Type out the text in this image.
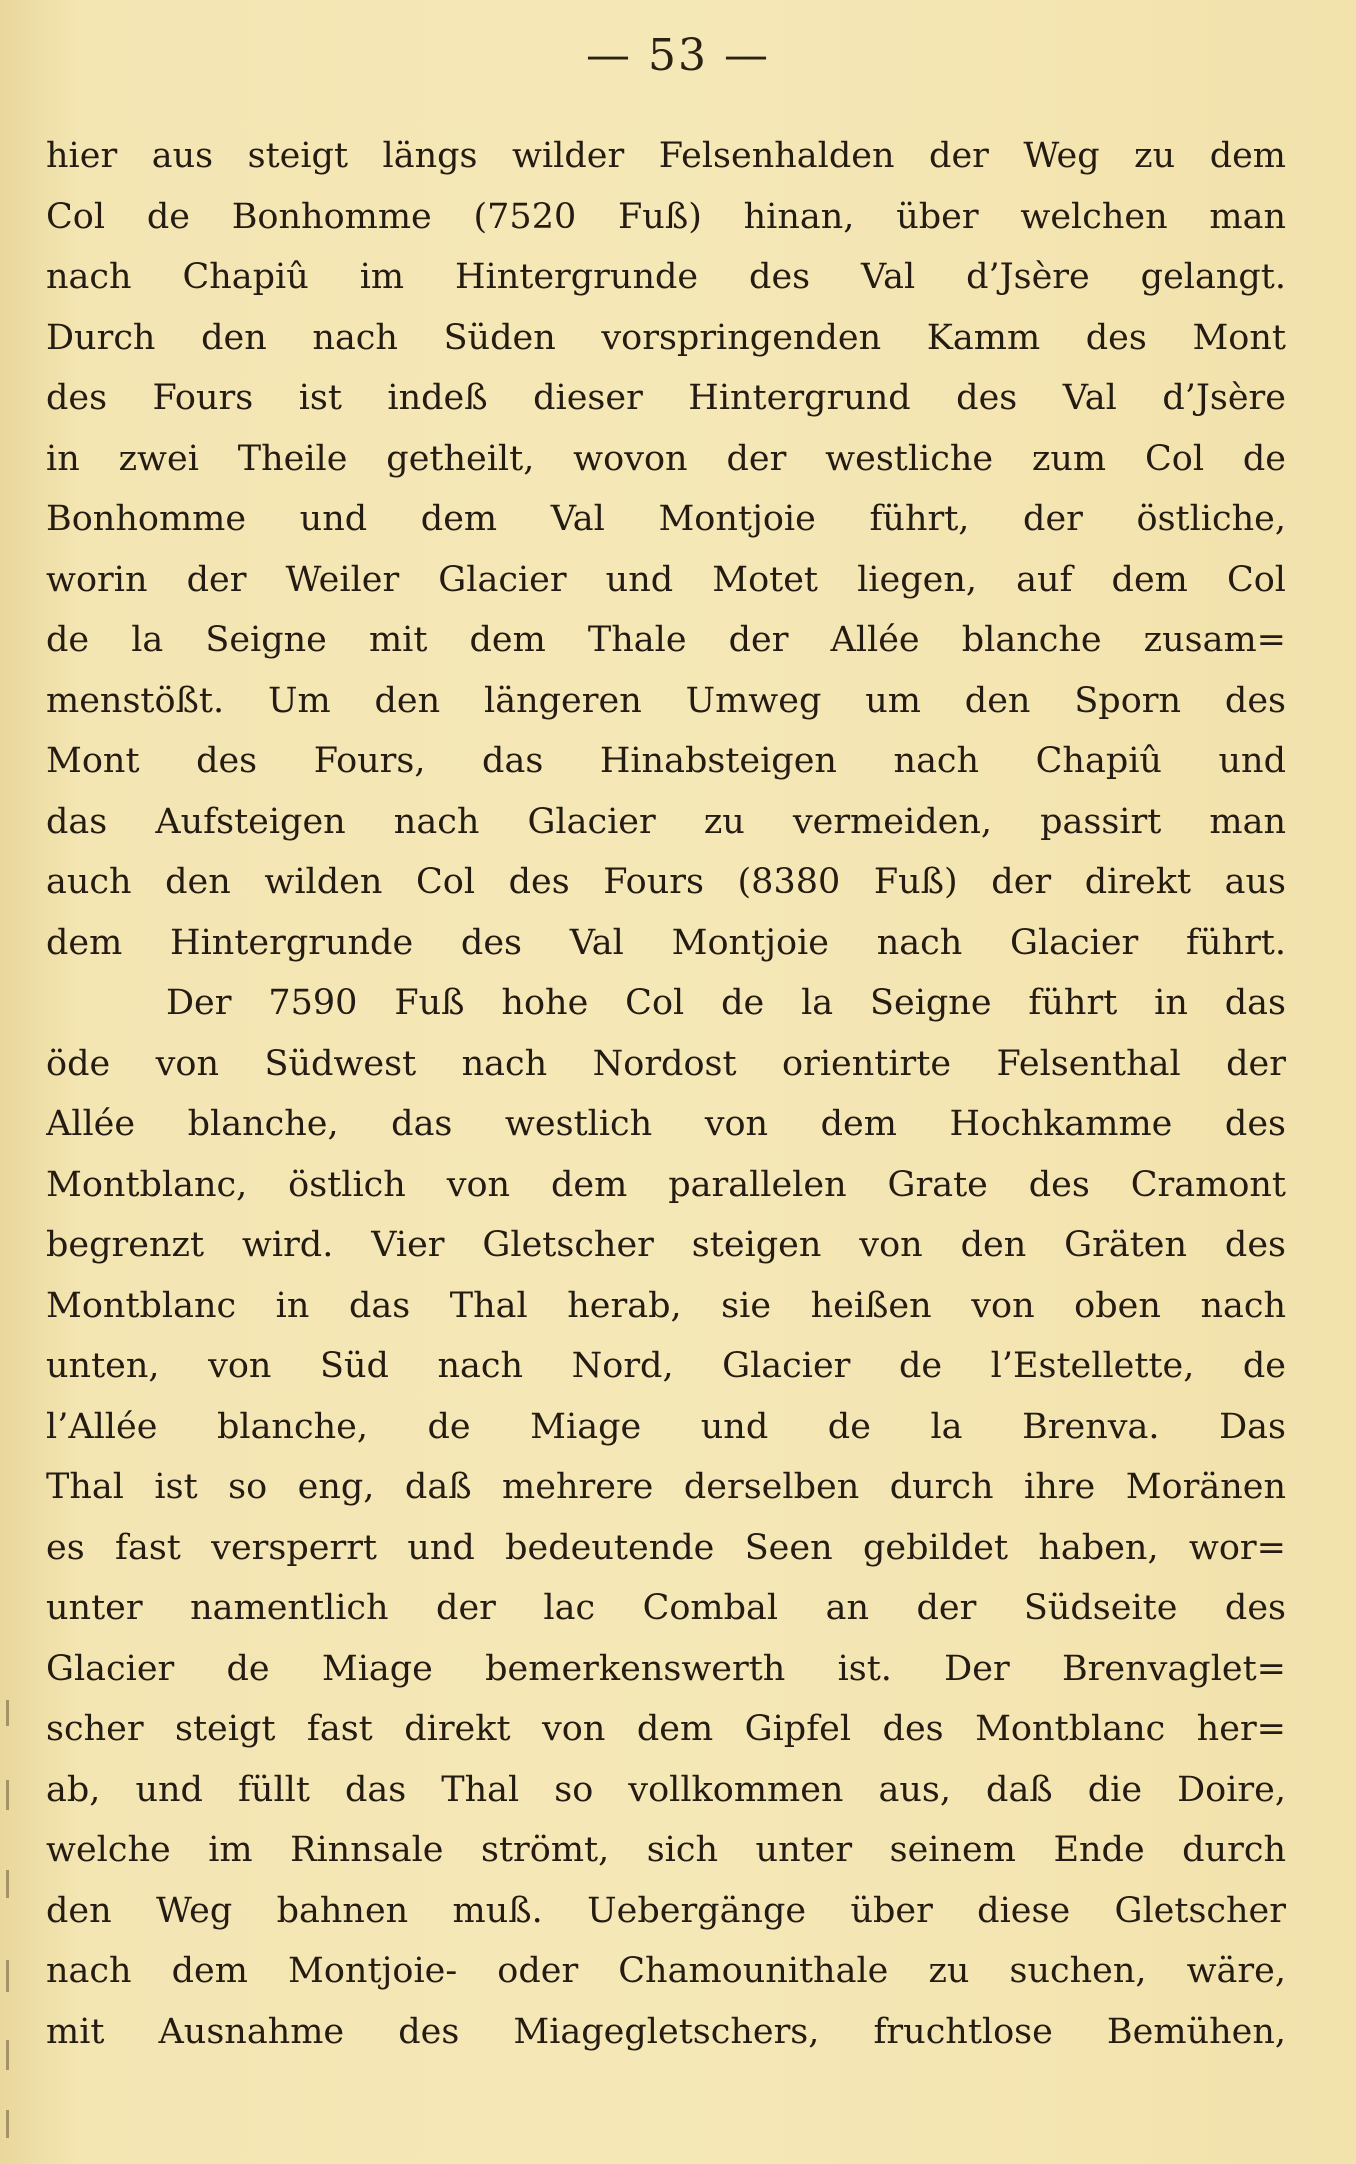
— 53 —
hier aus steigt längs wilder Felsenhalden der Weg zu dem
Col de Bonhomme (7520 Fuß) hinan, über welchen man
nach Chapiû im Hintergrunde des Val d’Jsère gelangt.
Durch den nach Süden vorspringenden Kamm des Mont
des Fours ist indeß dieser Hintergrund des Val d’Jsère
in zwei Theile getheilt, wovon der westliche zum Col de
Bonhomme und dem Val Montjoie führt, der östliche,
worin der Weiler Glacier und Motet liegen, auf dem Col
de la Seigne mit dem Thale der Allée blanche zusam=
menstößt. Um den längeren Umweg um den Sporn des
Mont des Fours, das Hinabsteigen nach Chapiû und
das Aufsteigen nach Glacier zu vermeiden, passirt man
auch den wilden Col des Fours (8380 Fuß) der direkt aus
dem Hintergrunde des Val Montjoie nach Glacier führt.
Der 7590 Fuß hohe Col de la Seigne führt in das
öde von Südwest nach Nordost orientirte Felsenthal der
Allée blanche, das westlich von dem Hochkamme des
Montblanc, östlich von dem parallelen Grate des Cramont
begrenzt wird. Vier Gletscher steigen von den Gräten des
Montblanc in das Thal herab, sie heißen von oben nach
unten, von Süd nach Nord, Glacier de l’Estellette, de
l’Allée blanche, de Miage und de la Brenva. Das
Thal ist so eng, daß mehrere derselben durch ihre Moränen
es fast versperrt und bedeutende Seen gebildet haben, wor=
unter namentlich der lac Combal an der Südseite des
Glacier de Miage bemerkenswerth ist. Der Brenvaglet=
scher steigt fast direkt von dem Gipfel des Montblanc her=
ab, und füllt das Thal so vollkommen aus, daß die Doire,
welche im Rinnsale strömt, sich unter seinem Ende durch
den Weg bahnen muß. Uebergänge über diese Gletscher
nach dem Montjoie- oder Chamounithale zu suchen, wäre,
mit Ausnahme des Miagegletschers, fruchtlose Bemühen,
